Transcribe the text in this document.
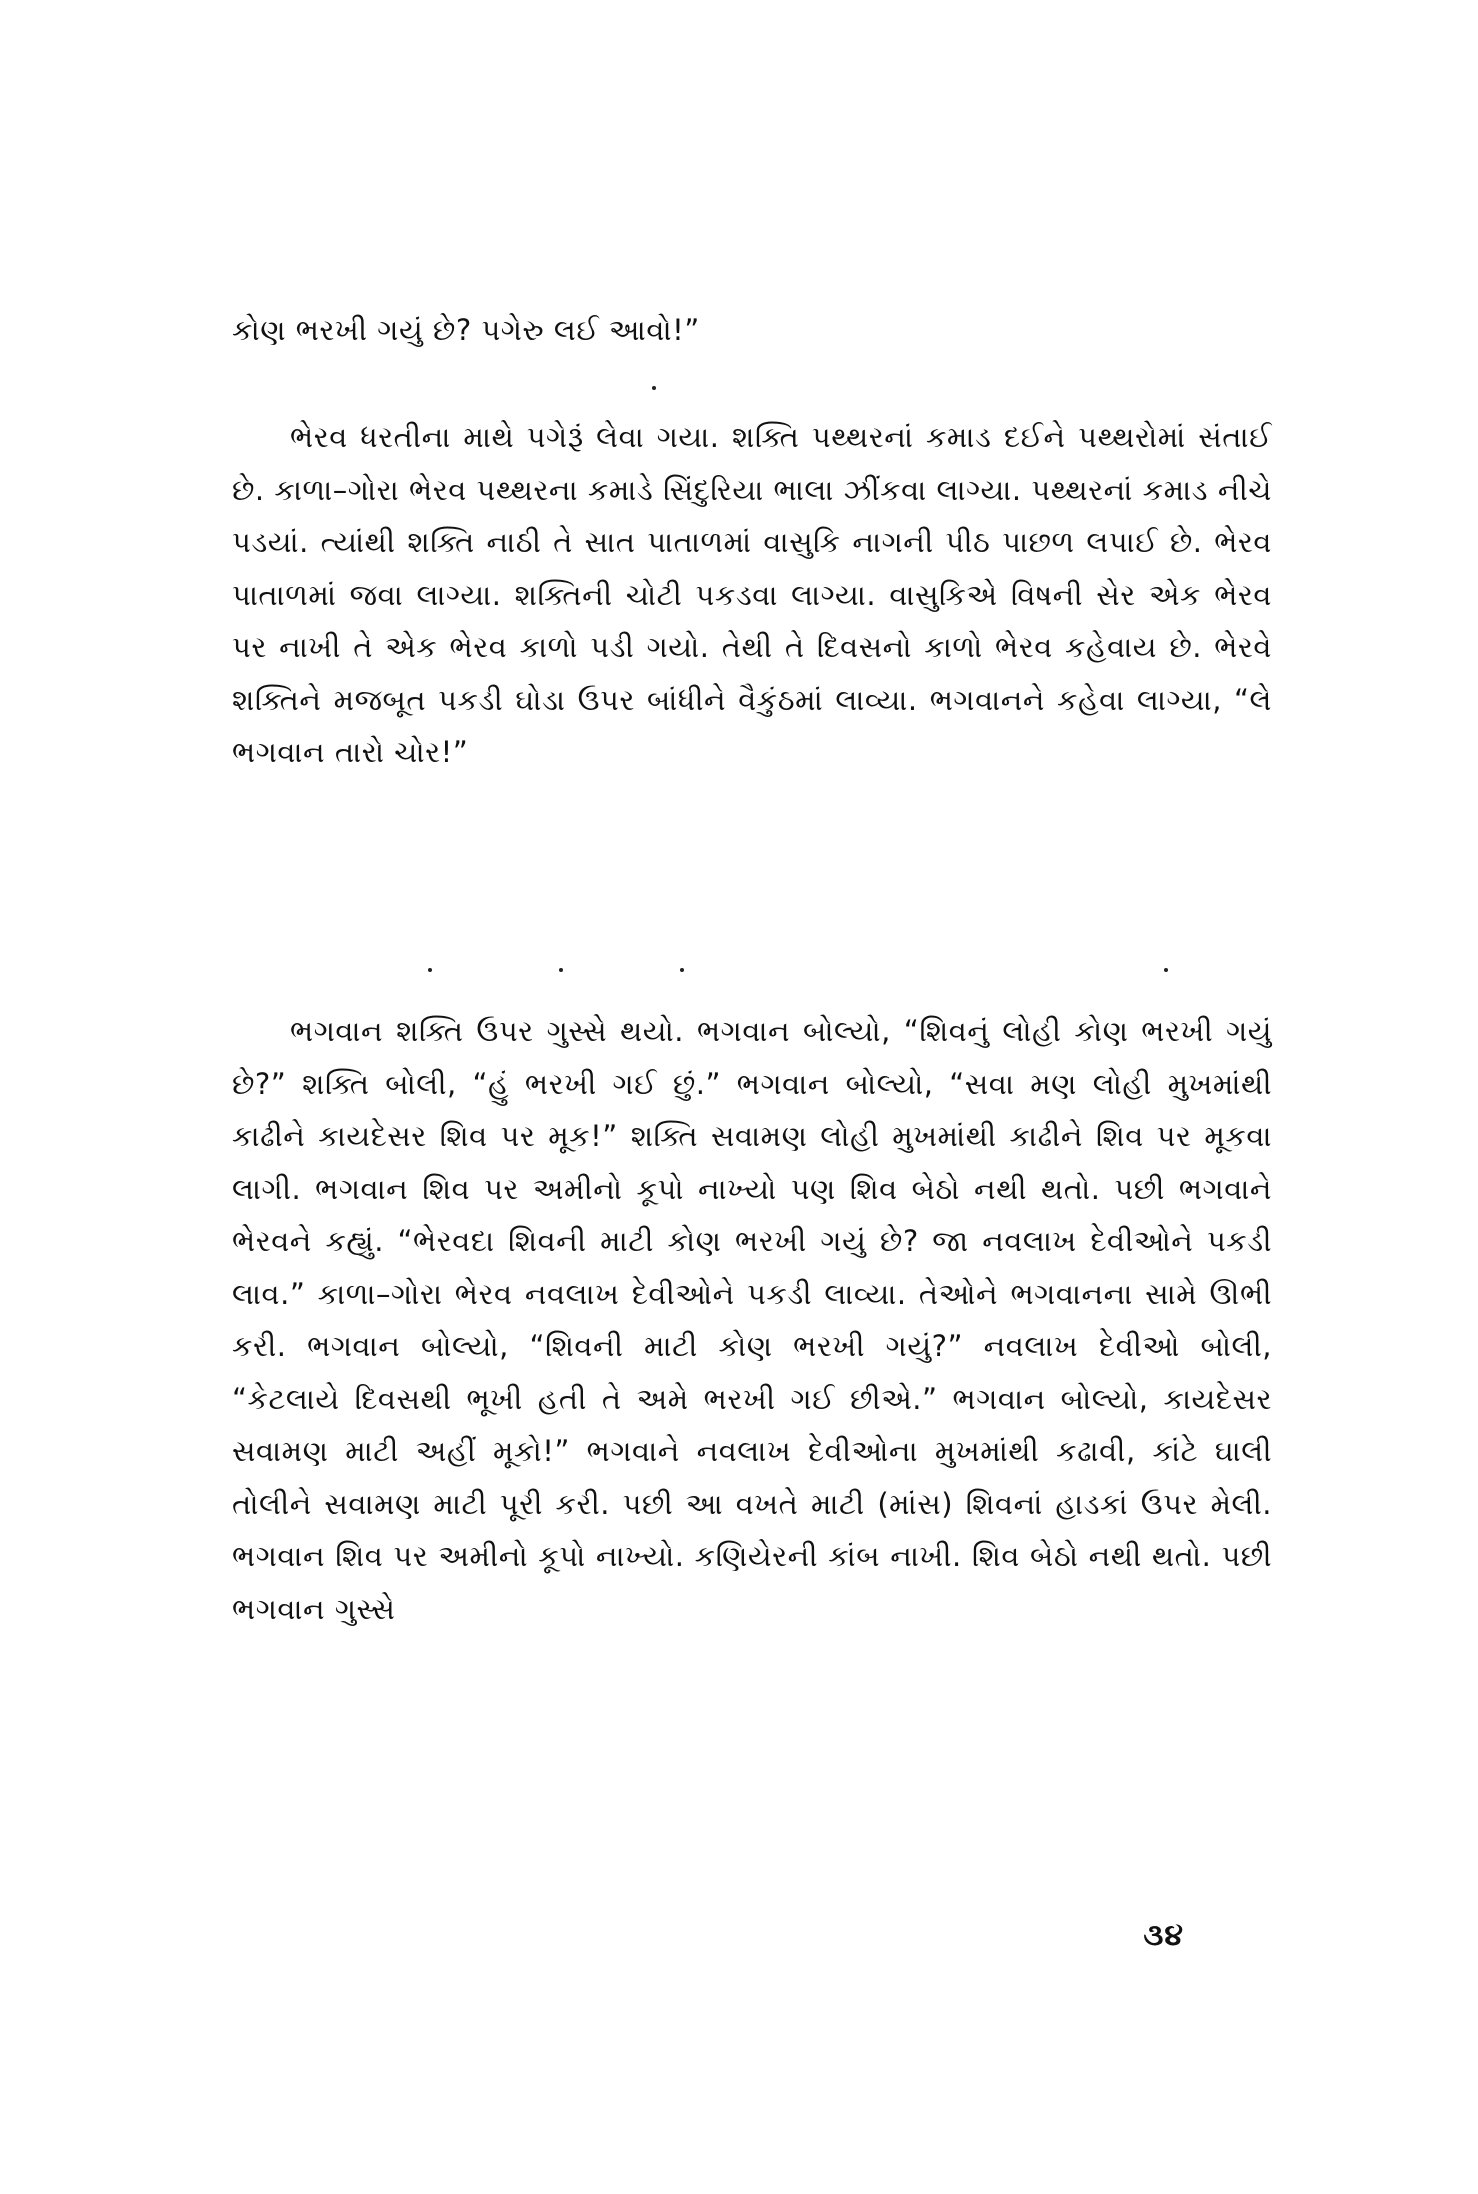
કોણ ભરખી ગયું છે? પગેરુ લઈ આવો!”

ભેરવ ધરતીના માથે પગેરૂં લેવા ગયા. શક્તિ પથ્થરનાં કમાડ દઈને પથ્થરોમાં સંતાઈ છે. કાળા–ગોરા ભેરવ પથ્થરના કમાડે સિંદુરિયા ભાલા ઝીંકવા લાગ્યા. પથ્થરનાં કમાડ નીચે પડયાં. ત્યાંથી શક્તિ નાઠી તે સાત પાતાળમાં વાસુકિ નાગની પીઠ પાછળ લપાઈ છે. ભેરવ પાતાળમાં જવા લાગ્યા. શક્તિની ચોટી પકડવા લાગ્યા. વાસુકિએ વિષની સેર એક ભેરવ પર નાખી તે એક ભેરવ કાળો પડી ગયો. તેથી તે દિવસનો કાળો ભેરવ કહેવાય છે. ભેરવે શક્તિને મજબૂત પકડી ઘોડા ઉપર બાંધીને વૈકુંઠમાં લાવ્યા. ભગવાનને કહેવા લાગ્યા, “લે ભગવાન તારો ચોર!”

ભગવાન શક્તિ ઉપર ગુસ્સે થયો. ભગવાન બોલ્યો, “શિવનું લોહી કોણ ભરખી ગયું છે?” શક્તિ બોલી, “હું ભરખી ગઈ છું.” ભગવાન બોલ્યો, “સવા મણ લોહી મુખમાંથી કાઢીને કાયદેસર શિવ પર મૂક!” શક્તિ સવામણ લોહી મુખમાંથી કાઢીને શિવ પર મૂકવા લાગી. ભગવાન શિવ પર અમીનો કૂપો નાખ્યો પણ શિવ બેઠો નથી થતો. પછી ભગવાને ભેરવને કહ્યું. “ભેરવદા શિવની માટી કોણ ભરખી ગયું છે? જા નવલાખ દેવીઓને પકડી લાવ.” કાળા–ગોરા ભેરવ નવલાખ દેવીઓને પકડી લાવ્યા. તેઓને ભગવાનના સામે ઊભી કરી. ભગવાન બોલ્યો, “શિવની માટી કોણ ભરખી ગયું?” નવલાખ દેવીઓ બોલી, “કેટલાયે દિવસથી ભૂખી હતી તે અમે ભરખી ગઈ છીએ.” ભગવાન બોલ્યો, કાયદેસર સવામણ માટી અહીં મૂકો!” ભગવાને નવલાખ દેવીઓના મુખમાંથી કઢાવી, કાંટે ઘાલી તોલીને સવામણ માટી પૂરી કરી. પછી આ વખતે માટી (માંસ) શિવનાં હાડકાં ઉપર મેલી. ભગવાન શિવ પર અમીનો કૂપો નાખ્યો. કણિયેરની કાંબ નાખી. શિવ બેઠો નથી થતો. પછી ભગવાન ગુસ્સે

૩૪
